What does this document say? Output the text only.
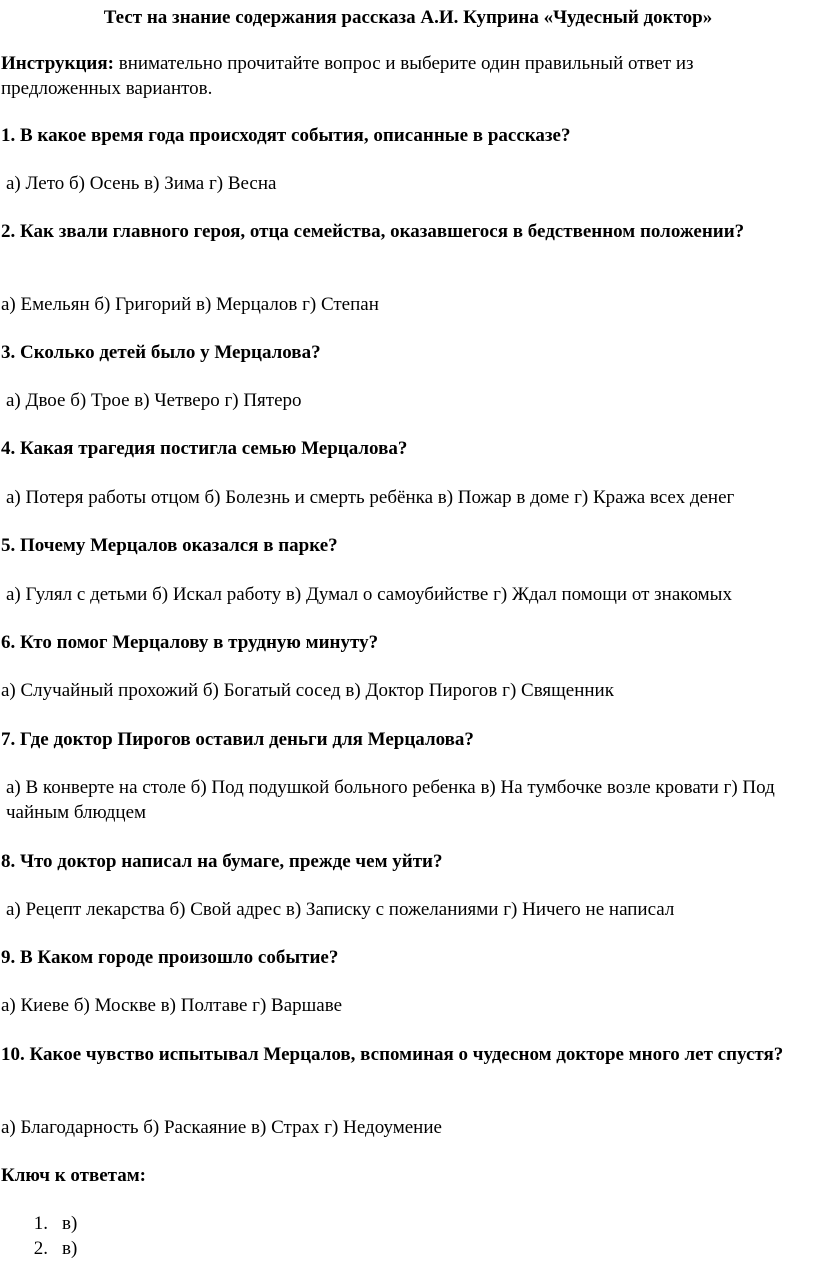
Тест на знание содержания рассказа А.И. Куприна «Чудесный доктор»
Инструкция: внимательно прочитайте вопрос и выберите один правильный ответ из предложенных вариантов.
1. В какое время года происходят события, описанные в рассказе?
а) Лето б) Осень в) Зима г) Весна
2. Как звали главного героя, отца семейства, оказавшегося в бедственном положении?
а) Емельян б) Григорий в) Мерцалов г) Степан
3. Сколько детей было у Мерцалова?
а) Двое б) Трое в) Четверо г) Пятеро
4. Какая трагедия постигла семью Мерцалова?
а) Потеря работы отцом б) Болезнь и смерть ребёнка в) Пожар в доме г) Кража всех денег
5. Почему Мерцалов оказался в парке?
а) Гулял с детьми б) Искал работу в) Думал о самоубийстве г) Ждал помощи от знакомых
6. Кто помог Мерцалову в трудную минуту?
а) Случайный прохожий б) Богатый сосед в) Доктор Пирогов г) Священник
7. Где доктор Пирогов оставил деньги для Мерцалова?
а) В конверте на столе б) Под подушкой больного ребенка в) На тумбочке возле кровати г) Под чайным блюдцем
8. Что доктор написал на бумаге, прежде чем уйти?
а) Рецепт лекарства б) Свой адрес в) Записку с пожеланиями г) Ничего не написал
9. В Каком городе произошло событие?
а) Киеве б) Москве в) Полтаве г) Варшаве
10. Какое чувство испытывал Мерцалов, вспоминая о чудесном докторе много лет спустя?
а) Благодарность б) Раскаяние в) Страх г) Недоумение
Ключ к ответам:
1. в)
2. в)
